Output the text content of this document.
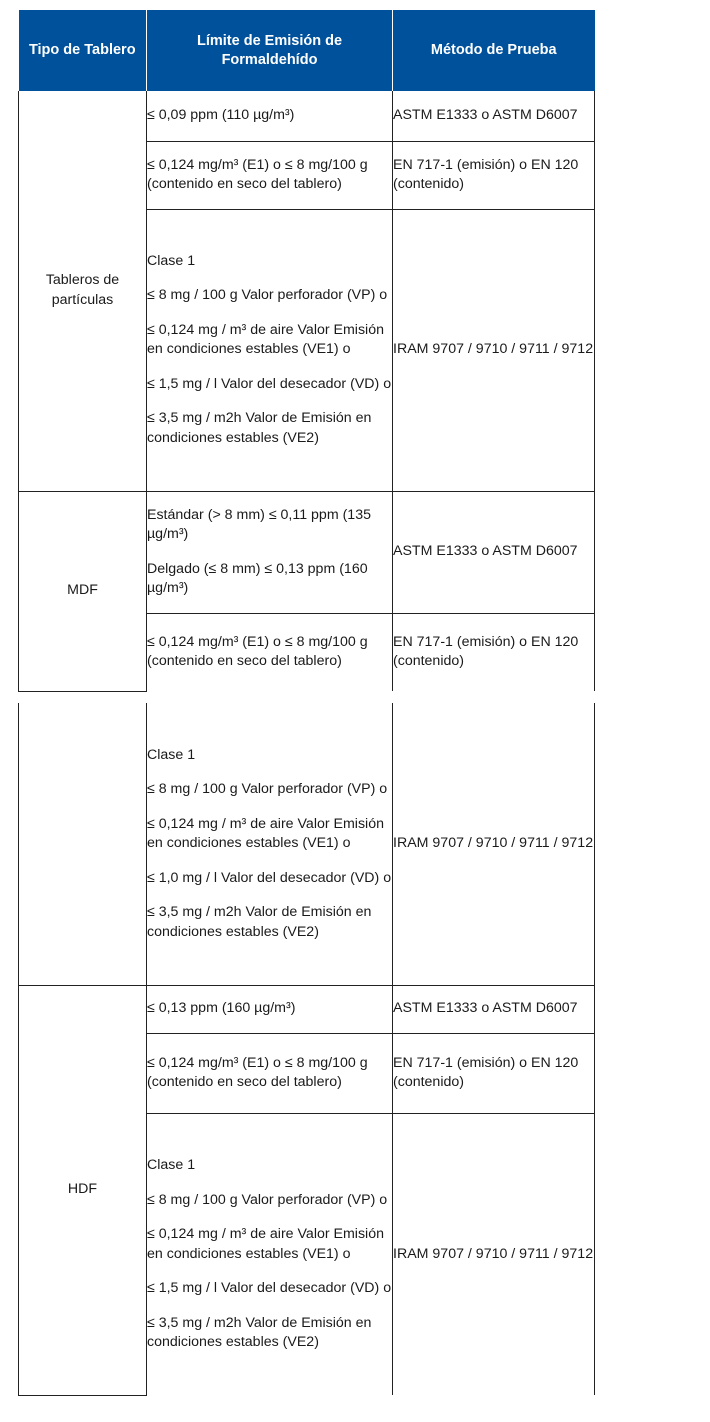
Tipo de Tablero	Límite de Emisión de Formaldehído	Método de Prueba
Tableros de partículas	≤ 0,09 ppm (110 µg/m³)	ASTM E1333 o ASTM D6007
	≤ 0,124 mg/m³ (E1) o ≤ 8 mg/100 g (contenido en seco del tablero)	EN 717-1 (emisión) o EN 120 (contenido)

	Clase 1

≤ 8 mg / 100 g Valor perforador (VP) o

≤ 0,124 mg / m³ de aire Valor Emisión en condiciones estables (VE1) o

≤ 1,5 mg / l Valor del desecador (VD) o

≤ 3,5 mg / m2h Valor de Emisión en condiciones estables (VE2)	IRAM 9707 / 9710 / 9711 / 9712
MDF	Estándar (> 8 mm) ≤ 0,11 ppm (135 µg/m³)

Delgado (≤ 8 mm) ≤ 0,13 ppm (160 µg/m³)	ASTM E1333 o ASTM D6007
	≤ 0,124 mg/m³ (E1) o ≤ 8 mg/100 g (contenido en seco del tablero)	EN 717-1 (emisión) o EN 120 (contenido)

	Clase 1

≤ 8 mg / 100 g Valor perforador (VP) o

≤ 0,124 mg / m³ de aire Valor Emisión en condiciones estables (VE1) o

≤ 1,0 mg / l Valor del desecador (VD) o

≤ 3,5 mg / m2h Valor de Emisión en condiciones estables (VE2)	IRAM 9707 / 9710 / 9711 / 9712
HDF	≤ 0,13 ppm (160 µg/m³)	ASTM E1333 o ASTM D6007
	≤ 0,124 mg/m³ (E1) o ≤ 8 mg/100 g (contenido en seco del tablero)	EN 717-1 (emisión) o EN 120 (contenido)

	Clase 1

≤ 8 mg / 100 g Valor perforador (VP) o

≤ 0,124 mg / m³ de aire Valor Emisión en condiciones estables (VE1) o

≤ 1,5 mg / l Valor del desecador (VD) o

≤ 3,5 mg / m2h Valor de Emisión en condiciones estables (VE2)	IRAM 9707 / 9710 / 9711 / 9712
